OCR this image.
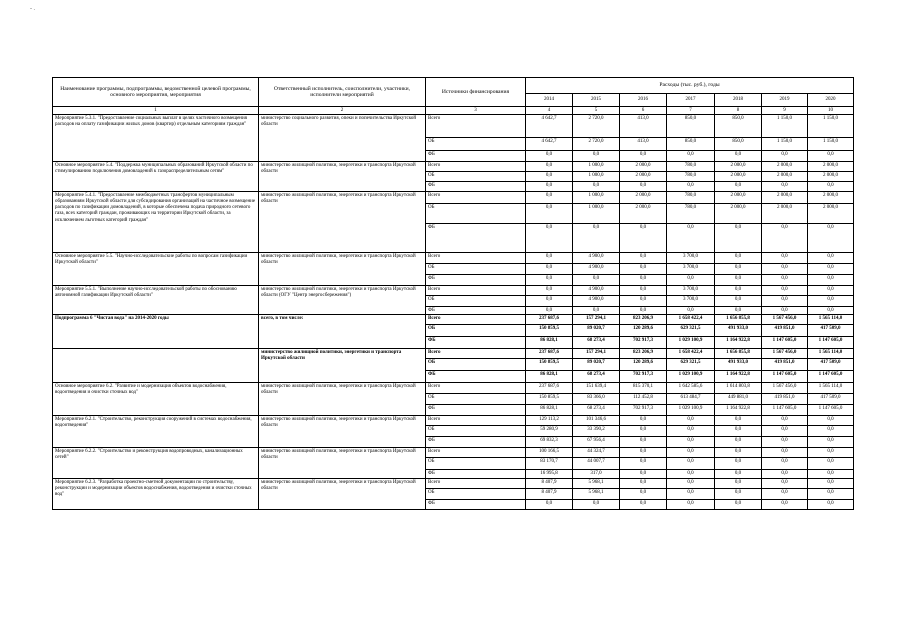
- .
Наименование программы, подпрограммы, ведомственной целевой программы, основного мероприятия, мероприятия	Ответственный исполнитель, соисполнители, участники, исполнители мероприятий	Источники финансирования	Расходы (тыс. руб.), годы						
			2014	2015	2016	2017	2018	2019	2020
1	2	3	4	5	6	7	8	9	10
Мероприятие 5.3.1. "Предоставление социальных выплат в целях частичного возмещения расходов на оплату газификации жилых домов (квартир) отдельным категориям граждан"	министерство социального развития, опеки и попечительства Иркутской области	Всего	4 642,7	2 720,0	413,0	850,0	850,0	1 150,0	1 150,0
		ОБ	4 642,7	2 720,0	413,0	850,0	850,0	1 150,0	1 150,0
		ФБ	0,0	0,0	0,0	0,0	0,0	0,0	0,0
Основное мероприятие 5.4. "Поддержка муниципальных образований Иркутской области по стимулированию подключения домовладений к газораспределительным сетям"	министерство жилищной политики, энергетики и транспорта Иркутской области	Всего	0,0	1 000,0	2 000,0	780,0	2 000,0	2 000,0	2 000,0
		ОБ	0,0	1 000,0	2 000,0	780,0	2 000,0	2 000,0	2 000,0
		ФБ	0,0	0,0	0,0	0,0	0,0	0,0	0,0
Мероприятие 5.4.1. "Предоставление межбюджетных трансфертов муниципальным образованиям Иркутской области для субсидирования организаций на частичное возмещение расходов по газификации домовладений, в которые обеспечена подача природного сетевого газа, всех категорий граждан, проживающих на территории Иркутской области, за исключением льготных категорий граждан"	министерство жилищной политики, энергетики и транспорта Иркутской области	Всего	0,0	1 000,0	2 000,0	780,0	2 000,0	2 000,0	2 000,0
		ОБ	0,0	1 000,0	2 000,0	780,0	2 000,0	2 000,0	2 000,0
		ФБ	0,0	0,0	0,0	0,0	0,0	0,0	0,0
Основное мероприятие 5.5. "Научно-исследовательские работы по вопросам газификации Иркутской области"	министерство жилищной политики, энергетики и транспорта Иркутской области	Всего	0,0	4 900,0	0,0	3 700,0	0,0	0,0	0,0
		ОБ	0,0	4 900,0	0,0	3 700,0	0,0	0,0	0,0
		ФБ	0,0	0,0	0,0	0,0	0,0	0,0	0,0
Мероприятие 5.5.1. "Выполнение научно-исследовательской работы по обоснованию автономной газификации Иркутской области"	министерство жилищной политики, энергетики и транспорта Иркутской области (ОГУ "Центр энергосбережения")	Всего	0,0	4 900,0	0,0	3 700,0	0,0	0,0	0,0
		ОБ	0,0	4 900,0	0,0	3 700,0	0,0	0,0	0,0
		ФБ	0,0	0,0	0,0	0,0	0,0	0,0	0,0
Подпрограмма 6 "Чистая вода" на 2014-2020 годы	всего, в том числе:	Всего	237 687,6	157 294,1	823 206,9	1 658 422,4	1 656 855,8	1 567 456,0	1 565 114,0
		ОБ	150 859,5	89 020,7	120 289,6	629 321,5	491 933,0	419 851,0	417 509,0
		ФБ	86 828,1	68 273,4	702 917,3	1 029 100,9	1 164 922,8	1 147 605,0	1 147 605,0
	министерство жилищной политики, энергетики и транспорта Иркутской области	Всего	237 687,6	157 294,1	823 206,9	1 658 422,4	1 656 855,8	1 567 456,0	1 565 114,0
		ОБ	150 859,5	89 020,7	120 289,6	629 321,5	491 933,0	419 851,0	417 509,0
		ФБ	86 828,1	68 273,4	702 917,3	1 029 100,9	1 164 922,8	1 147 605,0	1 147 605,0
Основное мероприятие 6.2. "Развитие и модернизация объектов водоснабжения, водоотведения и очистки сточных вод"	министерство жилищной политики, энергетики и транспорта Иркутской области	Всего	237 687,6	151 639,4	815 370,1	1 642 585,6	1 614 803,8	1 567 456,0	1 565 114,0
		ОБ	150 859,5	83 366,0	112 452,8	613 484,7	449 881,0	419 851,0	417 509,0
		ФБ	86 828,1	68 273,4	702 917,3	1 029 100,9	1 164 922,8	1 147 605,0	1 147 605,0
Мероприятие 6.2.1. "Строительство, реконструкция сооружений в системах водоснабжения, водоотведения"	министерство жилищной политики, энергетики и транспорта Иркутской области	Всего	129 113,2	101 346,6	0,0	0,0	0,0	0,0	0,0
		ОБ	59 280,9	33 390,2	0,0	0,0	0,0	0,0	0,0
		ФБ	69 832,3	67 956,4	0,0	0,0	0,0	0,0	0,0
Мероприятие 6.2.2. "Строительство и реконструкция водопроводных, канализационных сетей"	министерство жилищной политики, энергетики и транспорта Иркутской области	Всего	100 166,5	44 324,7	0,0	0,0	0,0	0,0	0,0
		ОБ	83 170,7	44 007,7	0,0	0,0	0,0	0,0	0,0
		ФБ	16 995,8	317,0	0,0	0,0	0,0	0,0	0,0
Мероприятие 6.2.3. "Разработка проектно-сметной документации по строительству, реконструкции и модернизации объектов водоснабжения, водоотведения и очистки сточных вод"	министерство жилищной политики, энергетики и транспорта Иркутской области	Всего	8 407,9	5 968,1	0,0	0,0	0,0	0,0	0,0
		ОБ	8 407,9	5 968,1	0,0	0,0	0,0	0,0	0,0
		ФБ	0,0	0,0	0,0	0,0	0,0	0,0	0,0
